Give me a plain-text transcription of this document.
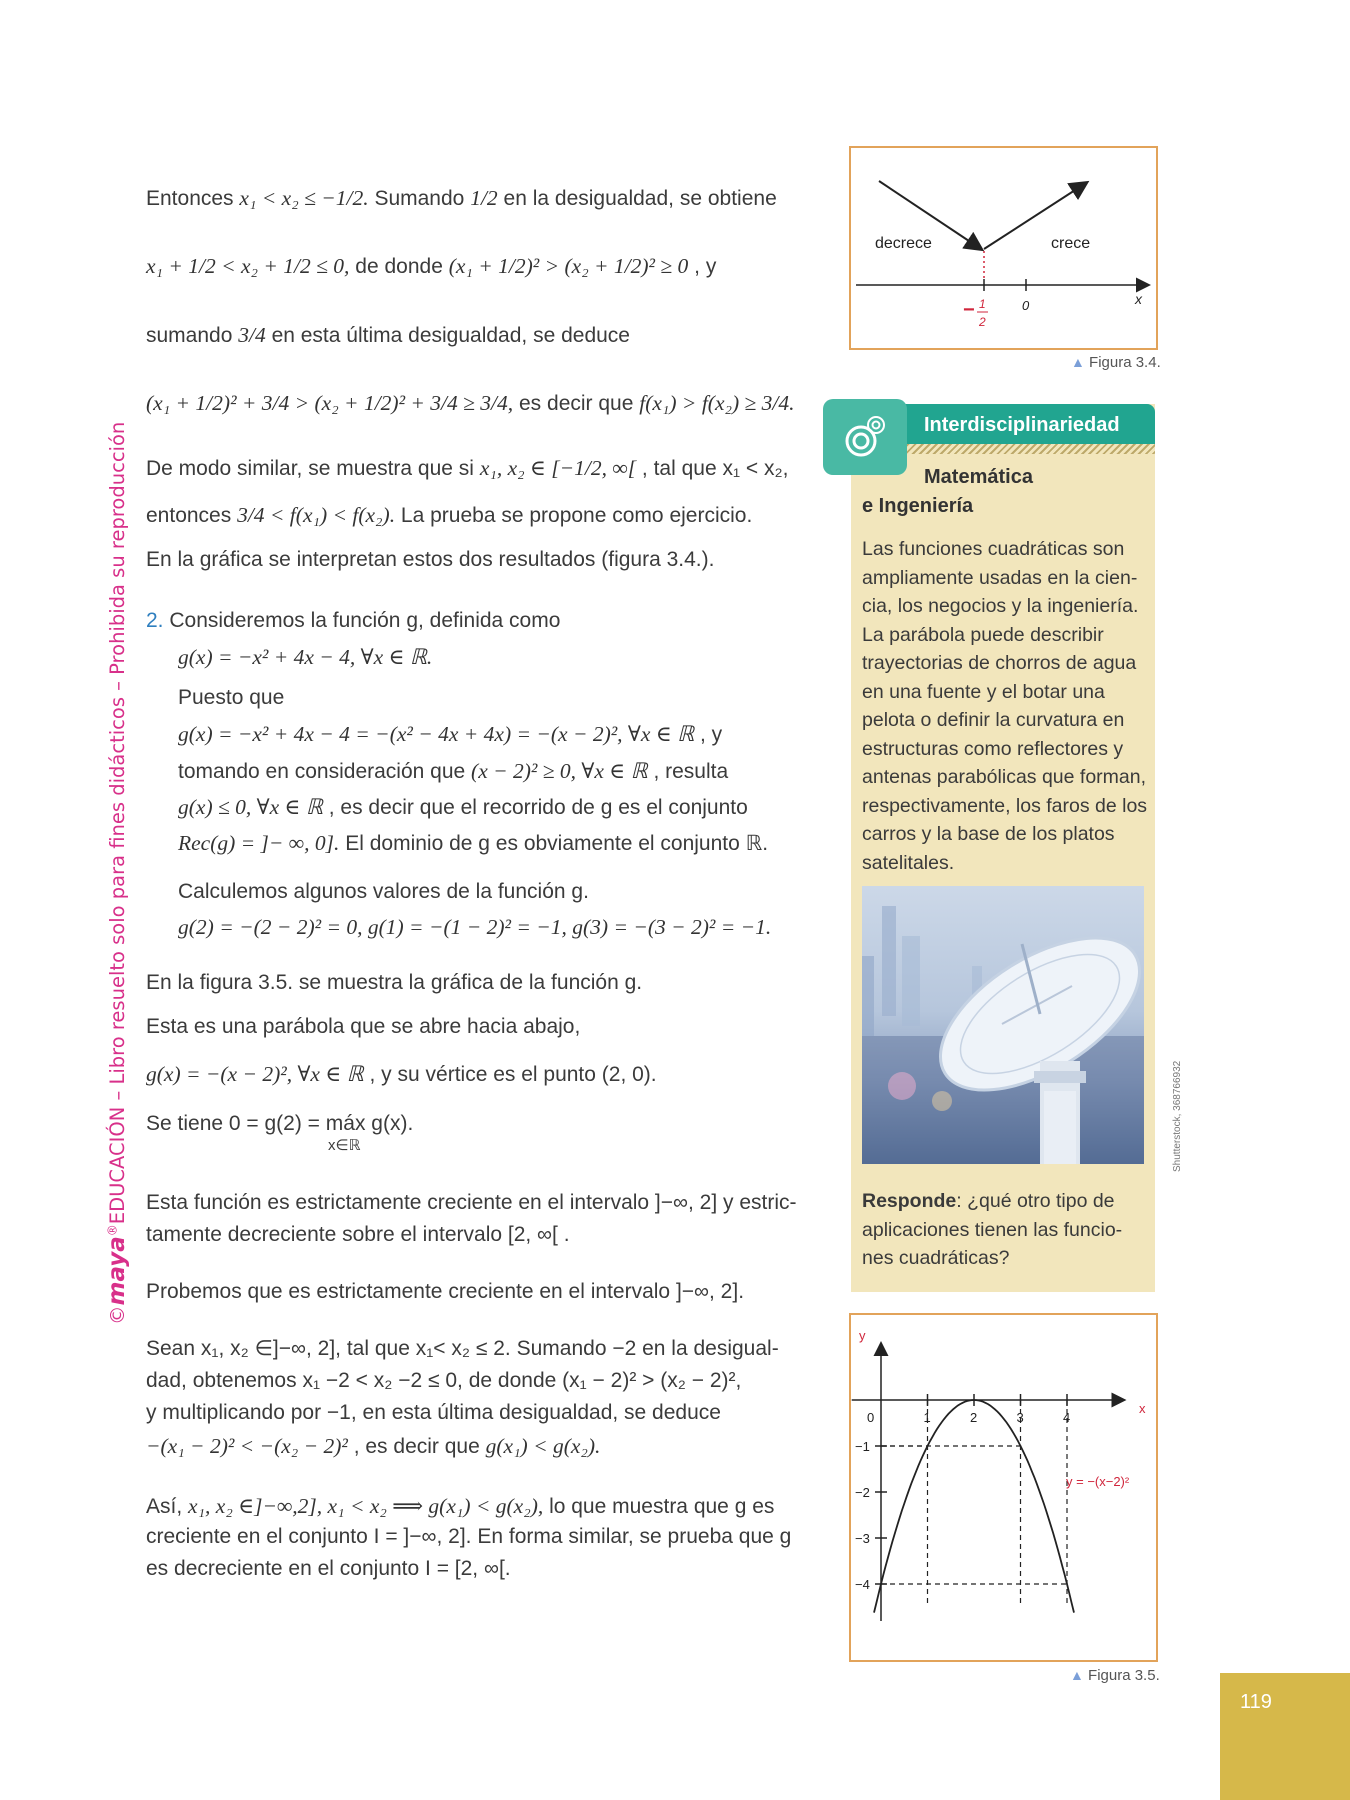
©maya®EDUCACIÓN – Libro resuelto solo para fines didácticos – Prohibida su reproducción
Entonces x₁ < x₂ ≤ −1/2. Sumando 1/2 en la desigualdad, se obtiene
x₁ + 1/2 < x₂ + 1/2 ≤ 0, de donde (x₁ + 1/2)² > (x₂ + 1/2)² ≥ 0 , y
sumando 3/4 en esta última desigualdad, se deduce
(x₁ + 1/2)² + 3/4 > (x₂ + 1/2)² + 3/4 ≥ 3/4, es decir que f(x₁) > f(x₂) ≥ 3/4.
De modo similar, se muestra que si x₁, x₂ ∈ [−1/2, ∞[ , tal que x₁ < x₂,
entonces 3/4 < f(x₁) < f(x₂). La prueba se propone como ejercicio.
En la gráfica se interpretan estos dos resultados (figura 3.4.).
2. Consideremos la función g, definida como
g(x) = −x² + 4x − 4, ∀x ∈ ℝ.
Puesto que
g(x) = −x² + 4x − 4 = −(x² − 4x + 4x) = −(x − 2)², ∀x ∈ ℝ , y
tomando en consideración que (x − 2)² ≥ 0, ∀x ∈ ℝ , resulta
g(x) ≤ 0, ∀x ∈ ℝ , es decir que el recorrido de g es el conjunto
Rec(g) = ]− ∞, 0]. El dominio de g es obviamente el conjunto ℝ.
Calculemos algunos valores de la función g.
g(2) = −(2 − 2)² = 0, g(1) = −(1 − 2)² = −1, g(3) = −(3 − 2)² = −1.
En la figura 3.5. se muestra la gráfica de la función g.
Esta es una parábola que se abre hacia abajo,
g(x) = −(x − 2)², ∀x ∈ ℝ , y su vértice es el punto (2, 0).
Se tiene 0 = g(2) = máx g(x).
x∈ℝ
Esta función es estrictamente creciente en el intervalo ]−∞, 2] y estric-
tamente decreciente sobre el intervalo [2, ∞[ .
Probemos que es estrictamente creciente en el intervalo ]−∞, 2].
Sean x₁, x₂ ∈]−∞, 2], tal que x₁< x₂ ≤ 2. Sumando −2 en la desigual-
dad, obtenemos x₁ −2 < x₂ −2 ≤ 0, de donde (x₁ − 2)² > (x₂ − 2)²,
y multiplicando por −1, en esta última desigualdad, se deduce
−(x₁ − 2)² < −(x₂ − 2)² , es decir que g(x₁) < g(x₂).
Así, x₁, x₂ ∈]−∞,2], x₁ < x₂ ⟹ g(x₁) < g(x₂), lo que muestra que g es
creciente en el conjunto I = ]−∞, 2]. En forma similar, se prueba que g
es decreciente en el conjunto I = [2, ∞[.
decrece	crece
x
0
− 1
2
▲ Figura 3.4.
Interdisciplinariedad
Matemática
e Ingeniería

Las funciones cuadráticas son ampliamente usadas en la cien-cia, los negocios y la ingeniería. La parábola puede describir trayectorias de chorros de agua en una fuente y el botar una pelota o definir la curvatura en estructuras como reflectores y antenas parabólicas que forman, respectivamente, los faros de los carros y la base de los platos satelitales.

Shutterstock, 368766932
Responde: ¿qué otro tipo de aplicaciones tienen las funcio-nes cuadráticas?
0	1	2	3	4
−1
−2
−3
−4
y
x
y = −(x−2)²
▲ Figura 3.5.
119
